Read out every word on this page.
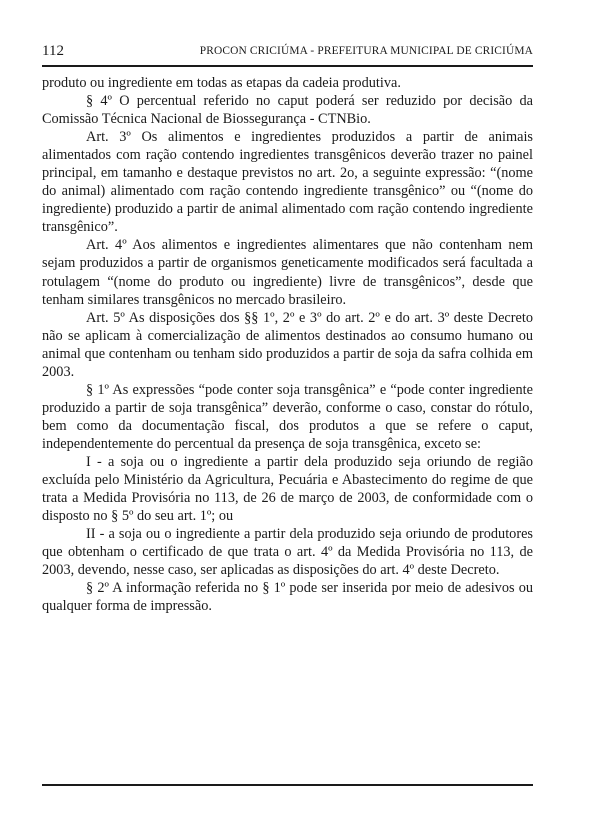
112	PROCON CRICIÚMA - PREFEITURA MUNICIPAL DE CRICIÚMA

produto ou ingrediente em todas as etapas da cadeia produtiva.

§ 4º O percentual referido no caput poderá ser reduzido por decisão da Comissão Técnica Nacional de Biossegurança - CTNBio.

Art. 3º Os alimentos e ingredientes produzidos a partir de animais alimentados com ração contendo ingredientes transgênicos deverão trazer no painel principal, em tamanho e destaque previstos no art. 2o, a seguinte expressão: “(nome do animal) alimentado com ração contendo ingrediente transgênico” ou “(nome do ingrediente) produzido a partir de animal alimentado com ração contendo ingrediente transgênico”.

Art. 4º Aos alimentos e ingredientes alimentares que não contenham nem sejam produzidos a partir de organismos geneticamente modificados será facultada a rotulagem “(nome do produto ou ingrediente) livre de transgênicos”, desde que tenham similares transgênicos no mercado brasileiro.

Art. 5º As disposições dos §§ 1º, 2º e 3º do art. 2º e do art. 3º deste Decreto não se aplicam à comercialização de alimentos destinados ao consumo humano ou animal que contenham ou tenham sido produzidos a partir de soja da safra colhida em 2003.

§ 1º As expressões “pode conter soja transgênica” e “pode conter ingrediente produzido a partir de soja transgênica” deverão, conforme o caso, constar do rótulo, bem como da documentação fiscal, dos produtos a que se refere o caput, independentemente do percentual da presença de soja transgênica, exceto se:

I - a soja ou o ingrediente a partir dela produzido seja oriundo de região excluída pelo Ministério da Agricultura, Pecuária e Abastecimento do regime de que trata a Medida Provisória no 113, de 26 de março de 2003, de conformidade com o disposto no § 5º do seu art. 1º; ou

II - a soja ou o ingrediente a partir dela produzido seja oriundo de produtores que obtenham o certificado de que trata o art. 4º da Medida Provisória no 113, de 2003, devendo, nesse caso, ser aplicadas as disposições do art. 4º deste Decreto.

§ 2º A informação referida no § 1º pode ser inserida por meio de adesivos ou qualquer forma de impressão.
